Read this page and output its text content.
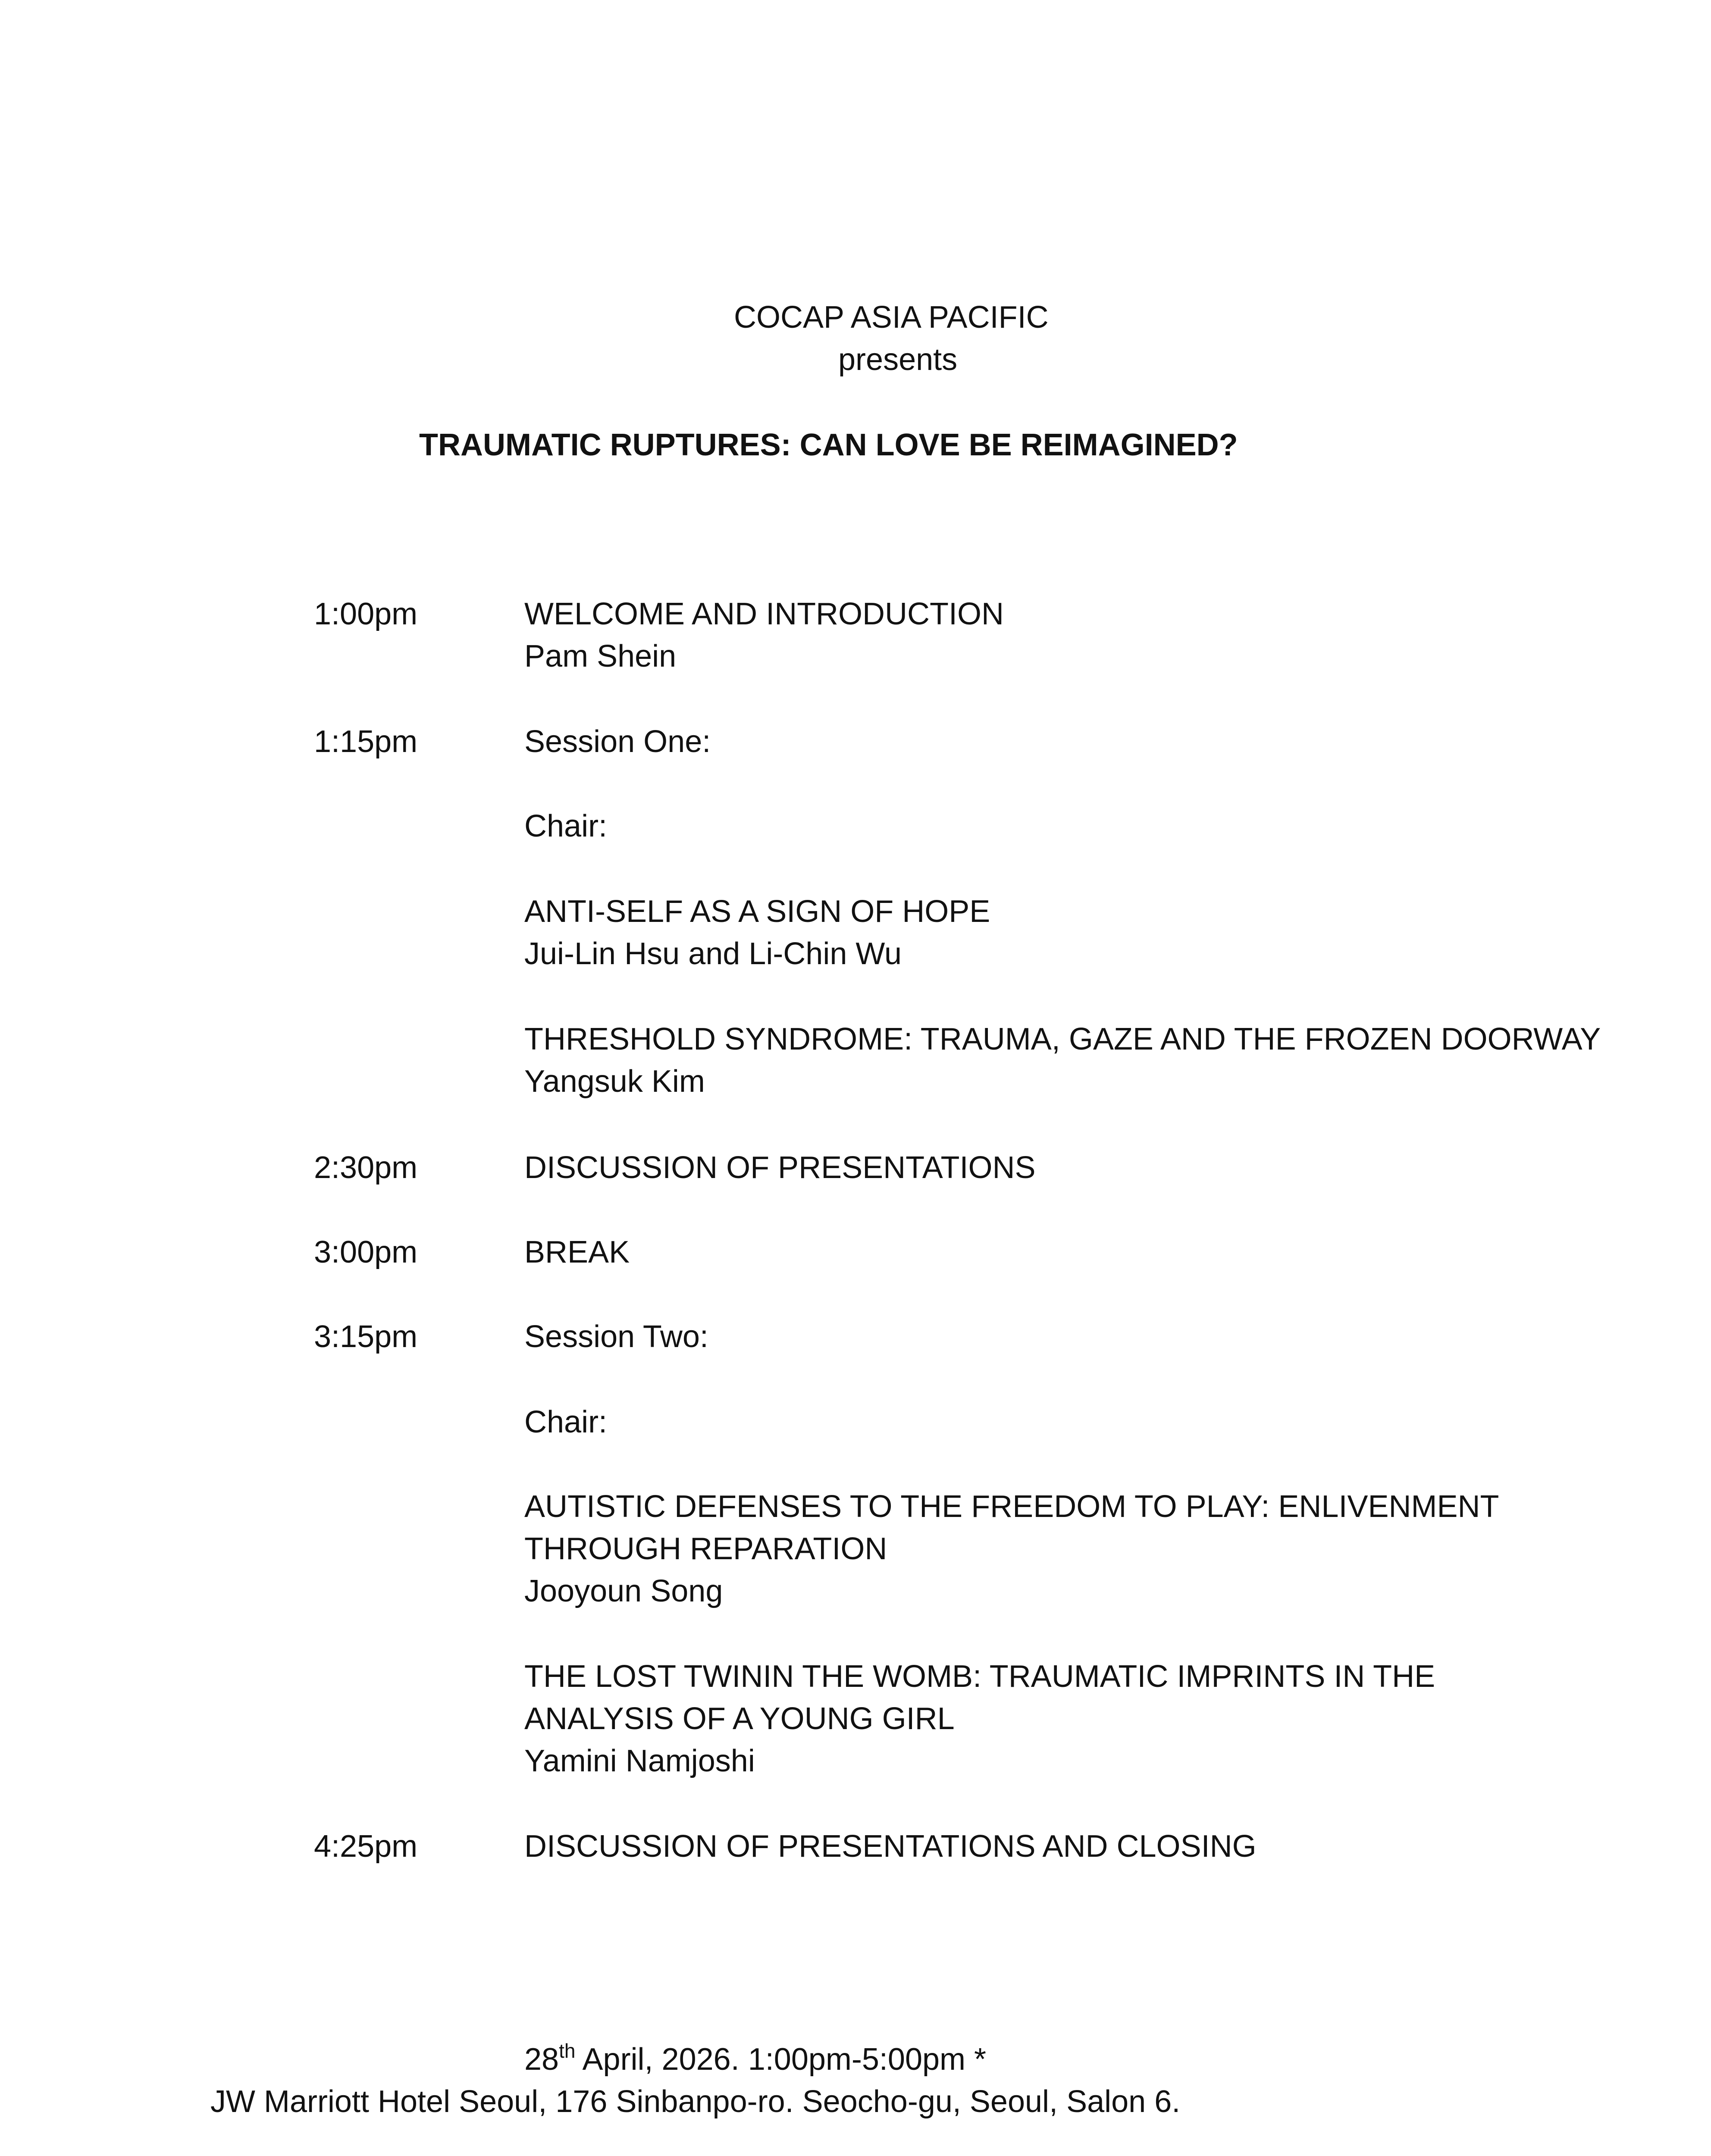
COCAP ASIA PACIFIC
presents
TRAUMATIC RUPTURES: CAN LOVE BE REIMAGINED?
1:00pm	WELCOME AND INTRODUCTION
Pam Shein
1:15pm	Session One:
Chair:
ANTI-SELF AS A SIGN OF HOPE
Jui-Lin Hsu and Li-Chin Wu
THRESHOLD SYNDROME: TRAUMA, GAZE AND THE FROZEN DOORWAY
Yangsuk Kim
2:30pm	DISCUSSION OF PRESENTATIONS
3:00pm	BREAK
3:15pm	Session Two:
Chair:
AUTISTIC DEFENSES TO THE FREEDOM TO PLAY: ENLIVENMENT
THROUGH REPARATION
Jooyoun Song
THE LOST TWININ THE WOMB: TRAUMATIC IMPRINTS IN THE
ANALYSIS OF A YOUNG GIRL
Yamini Namjoshi
4:25pm	DISCUSSION OF PRESENTATIONS AND CLOSING
28th April, 2026. 1:00pm-5:00pm *
JW Marriott Hotel Seoul, 176 Sinbanpo-ro. Seocho-gu, Seoul, Salon 6.
